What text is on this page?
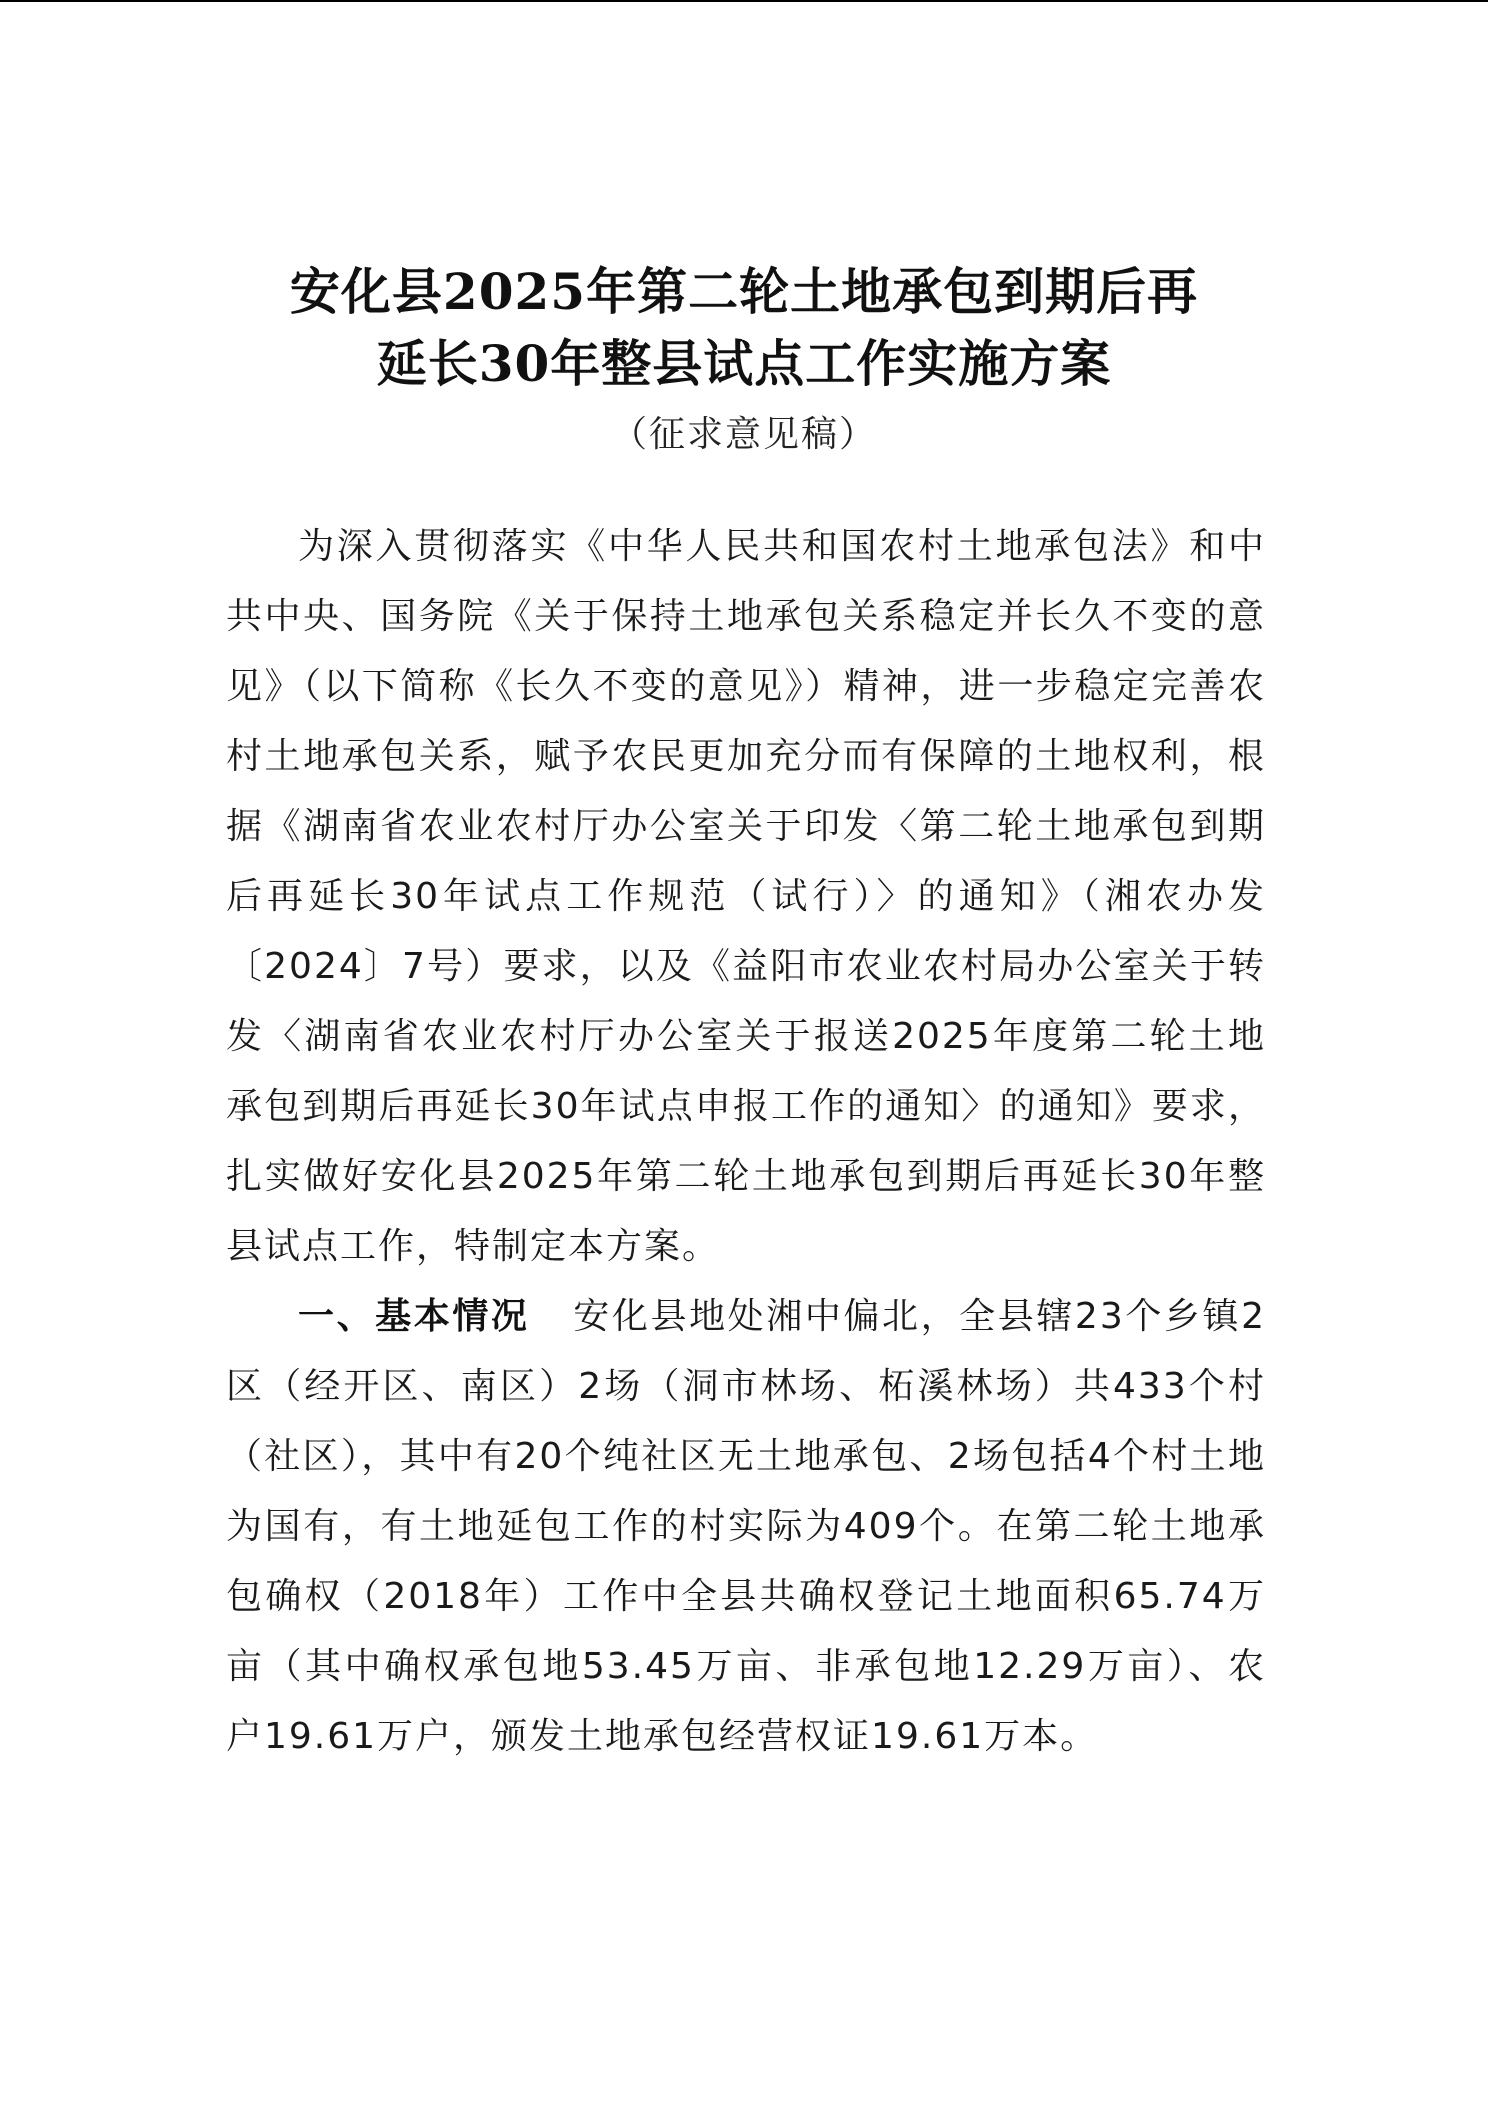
安化县2025年第二轮土地承包到期后再
延长30年整县试点工作实施方案
（征求意见稿）

为深入贯彻落实《中华人民共和国农村土地承包法》和中共中央、国务院《关于保持土地承包关系稳定并长久不变的意见》（以下简称《长久不变的意见》）精神，进一步稳定完善农村土地承包关系，赋予农民更加充分而有保障的土地权利，根据《湖南省农业农村厅办公室关于印发〈第二轮土地承包到期后再延长30年试点工作规范（试行）〉的通知》（湘农办发〔2024〕7号）要求，以及《益阳市农业农村局办公室关于转发〈湖南省农业农村厅办公室关于报送2025年度第二轮土地承包到期后再延长30年试点申报工作的通知〉的通知》要求，扎实做好安化县2025年第二轮土地承包到期后再延长30年整县试点工作，特制定本方案。

一、基本情况 安化县地处湘中偏北，全县辖23个乡镇2区（经开区、南区）2场（洞市林场、柘溪林场）共433个村（社区），其中有20个纯社区无土地承包、2场包括4个村土地为国有，有土地延包工作的村实际为409个。在第二轮土地承包确权（2018年）工作中全县共确权登记土地面积65.74万亩（其中确权承包地53.45万亩、非承包地12.29万亩）、农户19.61万户，颁发土地承包经营权证19.61万本。
